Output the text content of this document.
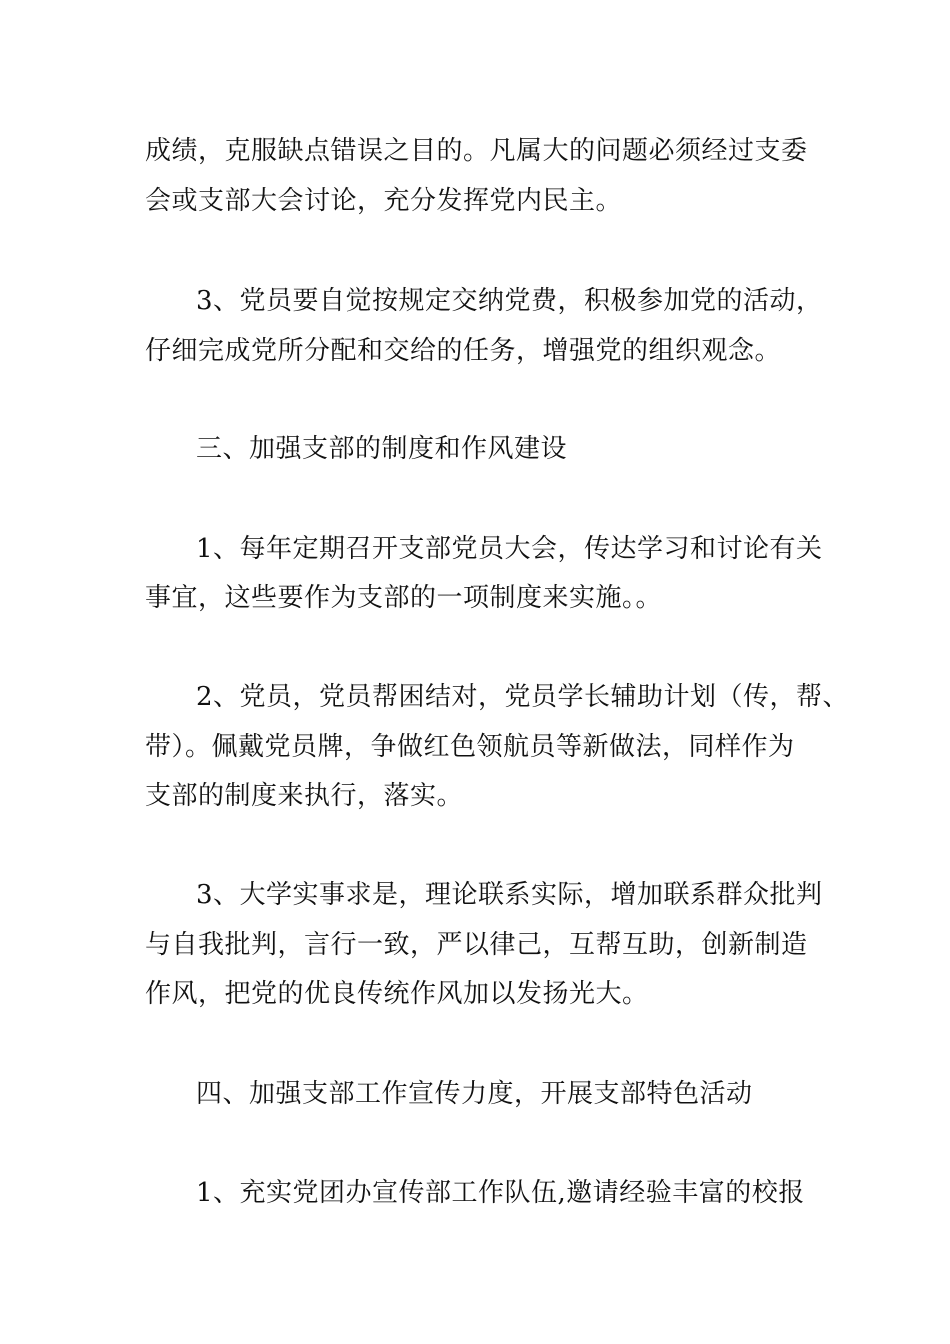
成绩，克服缺点错误之目的。凡属大的问题必须经过支委
会或支部大会讨论，充分发挥党内民主。
3、党员要自觉按规定交纳党费，积极参加党的活动，
仔细完成党所分配和交给的任务，增强党的组织观念。
三、加强支部的制度和作风建设
1、每年定期召开支部党员大会，传达学习和讨论有关
事宜，这些要作为支部的一项制度来实施。。
2、党员，党员帮困结对，党员学长辅助计划（传，帮、
带）。佩戴党员牌，争做红色领航员等新做法，同样作为
支部的制度来执行，落实。
3、大学实事求是，理论联系实际，增加联系群众批判
与自我批判，言行一致，严以律己，互帮互助，创新制造
作风，把党的优良传统作风加以发扬光大。
四、加强支部工作宣传力度，开展支部特色活动
1、充实党团办宣传部工作队伍,邀请经验丰富的校报
